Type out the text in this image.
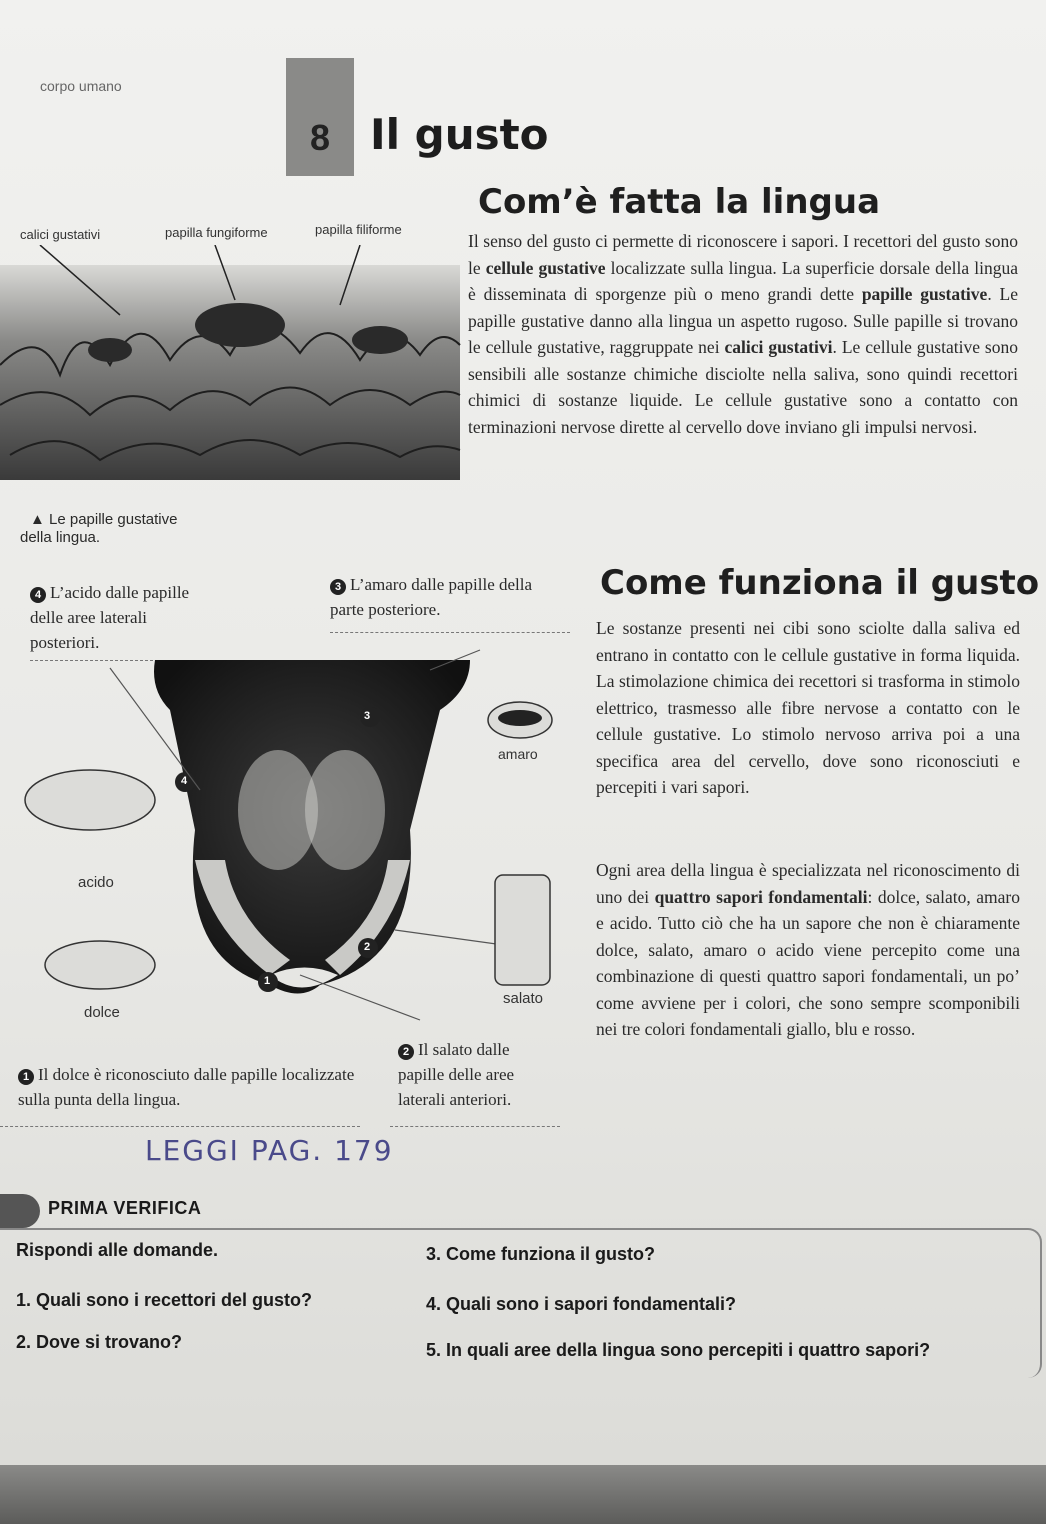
corpo umano
8 Il gusto
calici gustativi	papilla fungiforme	papilla filiforme
▲ Le papille gustative
della lingua.
Com’è fatta la lingua
Il senso del gusto ci permette di riconoscere i sapori. I recettori del gusto sono le cellule gustative localizzate sulla lingua. La superficie dorsale della lingua è disseminata di sporgenze più o meno grandi dette papille gustative. Le papille gustative danno alla lingua un aspetto rugoso. Sulle papille si trovano le cellule gustative, raggruppate nei calici gustativi. Le cellule gustative sono sensibili alle sostanze chimiche disciolte nella saliva, sono quindi recettori chimici di sostanze liquide. Le cellule gustative sono a contatto con terminazioni nervose dirette al cervello dove inviano gli impulsi nervosi.
4 L’acido dalle papille delle aree laterali posteriori.
3 L’amaro dalle papille della parte posteriore.
3
4
2
1
amaro
acido
salato
dolce
2 Il salato dalle papille delle aree laterali anteriori.
1 Il dolce è riconosciuto dalle papille localizzate sulla punta della lingua.
Come funziona il gusto
Le sostanze presenti nei cibi sono sciolte dalla saliva ed entrano in contatto con le cellule gustative in forma liquida. La stimolazione chimica dei recettori si trasforma in stimolo elettrico, trasmesso alle fibre nervose a contatto con le cellule gustative. Lo stimolo nervoso arriva poi a una specifica area del cervello, dove sono riconosciuti e percepiti i vari sapori.
Ogni area della lingua è specializzata nel riconoscimento di uno dei quattro sapori fondamentali: dolce, salato, amaro e acido. Tutto ciò che ha un sapore che non è chiaramente dolce, salato, amaro o acido viene percepito come una combinazione di questi quattro sapori fondamentali, un po’ come avviene per i colori, che sono sempre scomponibili nei tre colori fondamentali giallo, blu e rosso.
LEGGI PAG. 179
PRIMA VERIFICA
Rispondi alle domande.
1. Quali sono i recettori del gusto?
2. Dove si trovano?
3. Come funziona il gusto?
4. Quali sono i sapori fondamentali?
5. In quali aree della lingua sono percepiti i quattro sapori?
